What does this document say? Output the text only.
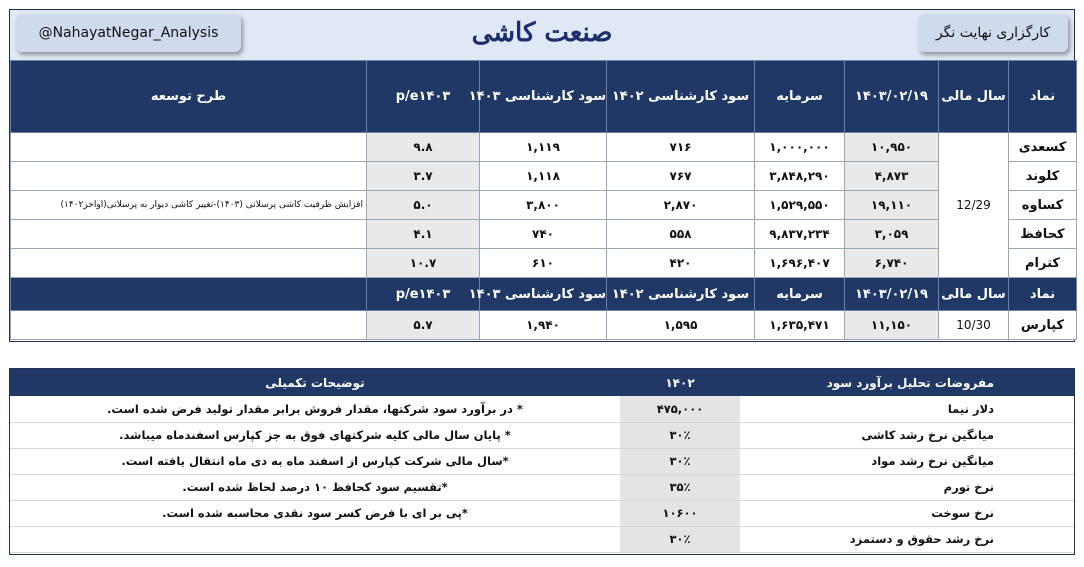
@NahayatNegar_Analysis	صنعت کاشی	کارگزاری نهایت نگر
نماد	سال مالی	۱۴۰۳/۰۲/۱۹	سرمایه	سود کارشناسی ۱۴۰۲	سود کارشناسی ۱۴۰۳	p/e۱۴۰۳	طرح توسعه
کسعدی	12/29	۱۰,۹۵۰	۱,۰۰۰,۰۰۰	۷۱۶	۱,۱۱۹	۹.۸	
کلوند		۴,۸۷۳	۳,۸۴۸,۲۹۰	۷۶۷	۱,۱۱۸	۳.۷	
کساوه		۱۹,۱۱۰	۱,۵۲۹,۵۵۰	۲,۸۷۰	۳,۸۰۰	۵.۰	افزایش ظرفیت کاشی پرسلانی (۱۴۰۳)-تغییر کاشی دیوار به پرسلانی(اواخر۱۴۰۲)
کحافظ		۳,۰۵۹	۹,۸۳۷,۲۳۴	۵۵۸	۷۴۰	۴.۱	
کترام		۶,۷۴۰	۱,۶۹۶,۴۰۷	۴۲۰	۶۱۰	۱۰.۷	
نماد	سال مالی	۱۴۰۳/۰۲/۱۹	سرمایه	سود کارشناسی ۱۴۰۲	سود کارشناسی ۱۴۰۳	p/e۱۴۰۳	
کپارس	10/30	۱۱,۱۵۰	۱,۶۳۵,۴۷۱	۱,۵۹۵	۱,۹۴۰	۵.۷	
مفروضات تحلیل برآورد سود	۱۴۰۲	توضیحات تکمیلی
دلار نیما	۴۷۵,۰۰۰	* در برآورد سود شرکتها، مقدار فروش برابر مقدار تولید فرض شده است.
میانگین نرخ رشد کاشی	۳۰٪	* پایان سال مالی کلیه شرکتهای فوق به جز کپارس اسفندماه میباشد.
میانگین نرخ رشد مواد	۳۰٪	*سال مالی شرکت کپارس از اسفند ماه به دی ماه انتقال یافته است.
نرخ تورم	۳۵٪	*تقسیم سود کحافظ ۱۰ درصد لحاظ شده است.
نرخ سوخت	۱۰۶۰۰	*پی بر ای با فرض کسر سود نقدی محاسبه شده است.
نرخ رشد حقوق و دستمزد	۳۰٪	
